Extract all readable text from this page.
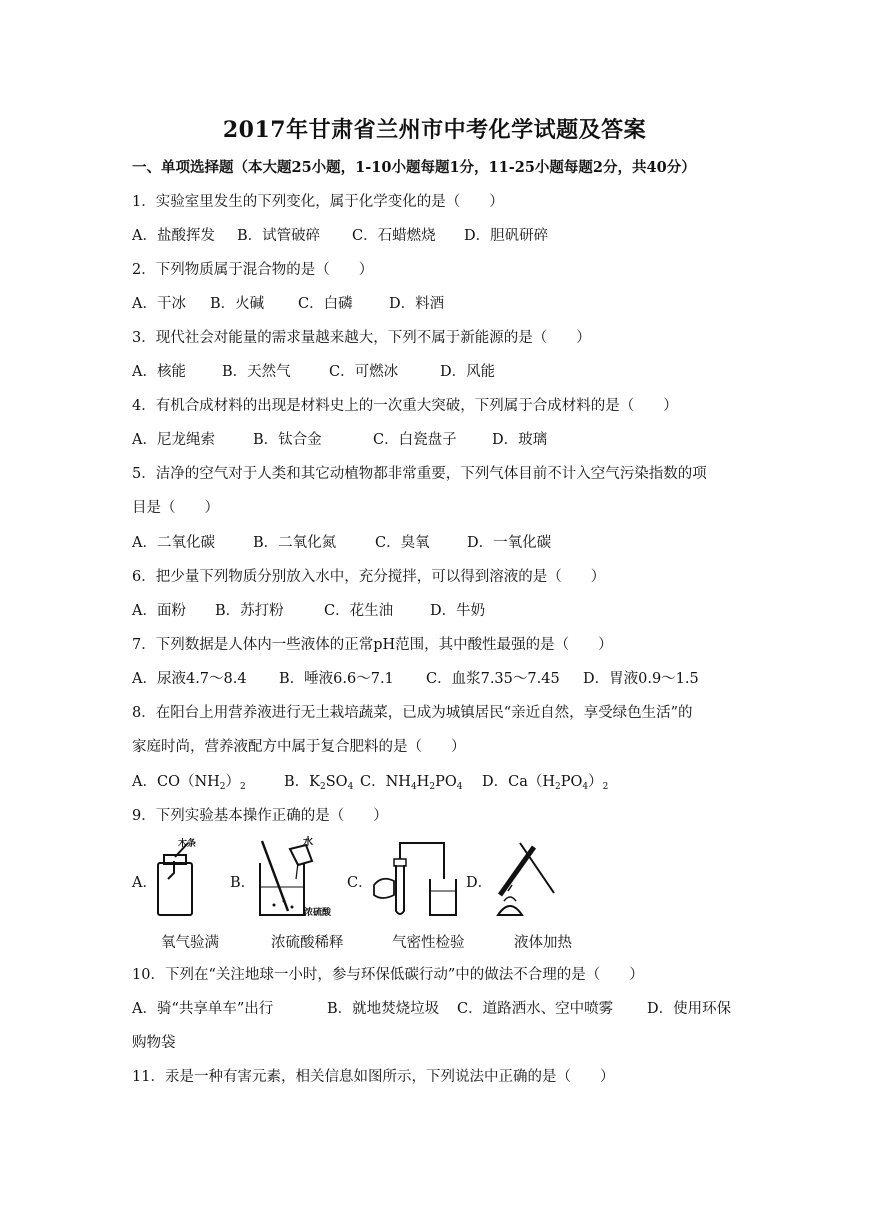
2017年甘肃省兰州市中考化学试题及答案
一、单项选择题（本大题25小题，1-10小题每题1分，11-25小题每题2分，共40分）
1．实验室里发生的下列变化，属于化学变化的是（　　）
A．盐酸挥发 B．试管破碎 C．石蜡燃烧 D．胆矾研碎
2．下列物质属于混合物的是（　　）
A．干冰 B．火碱 C．白磷	D．料酒
3．现代社会对能量的需求量越来越大，下列不属于新能源的是（　　）
A．核能 B．天然气	C．可燃冰	D．风能
4．有机合成材料的出现是材料史上的一次重大突破，下列属于合成材料的是（　　）
A．尼龙绳索	B．钛合金	C．白瓷盘子 D．玻璃
5．洁净的空气对于人类和其它动植物都非常重要，下列气体目前不计入空气污染指数的项
目是（　　）
A．二氧化碳	B．二氧化氮	C．臭氧	D．一氧化碳
6．把少量下列物质分别放入水中，充分搅拌，可以得到溶液的是（　　）
A．面粉 B．苏打粉	C．花生油	D．牛奶
7．下列数据是人体内一些液体的正常pH范围，其中酸性最强的是（　　）
A．尿液4.7～8.4 B．唾液6.6～7.1 C．血浆7.35～7.45 D．胃液0.9～1.5
8．在阳台上用营养液进行无土栽培蔬菜，已成为城镇居民“亲近自然，享受绿色生活”的
家庭时尚，营养液配方中属于复合肥料的是（　　）
A．$CO(NH_2)_2$	B．$K_2SO_4$ C．$NH_4H_2PO_4$ D．$Ca(H_2PO_4)_2$
9．下列实验基本操作正确的是（　　）
A．
木条
B．
水
浓硫酸
C．	D．
氧气验满	浓硫酸稀释	气密性检验	液体加热
10．下列在“关注地球一小时，参与环保低碳行动”中的做法不合理的是（　　）
A．骑“共享单车”出行	B．就地焚烧垃圾 C．道路洒水、空中喷雾 D．使用环保
购物袋
11．汞是一种有害元素，相关信息如图所示，下列说法中正确的是（　　）
